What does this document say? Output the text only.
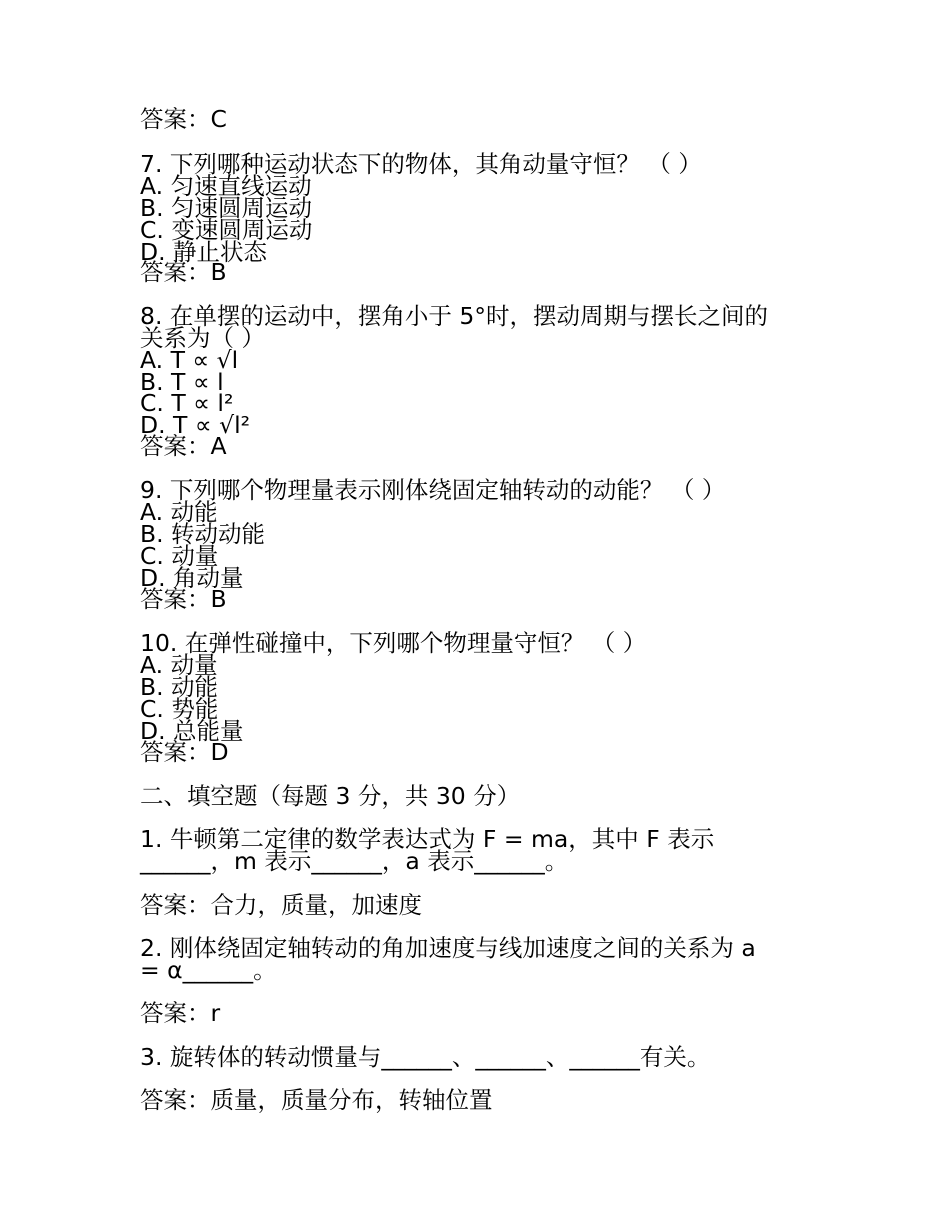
答案：C
7. 下列哪种运动状态下的物体，其角动量守恒？ （ ）
A. 匀速直线运动
B. 匀速圆周运动
C. 变速圆周运动
D. 静止状态
答案：B
8. 在单摆的运动中，摆角小于 5°时，摆动周期与摆长之间的
关系为（ ）
A. T ∝ √l
B. T ∝ l
C. T ∝ l²
D. T ∝ √l²
答案：A
9. 下列哪个物理量表示刚体绕固定轴转动的动能？ （ ）
A. 动能
B. 转动动能
C. 动量
D. 角动量
答案：B
10. 在弹性碰撞中，下列哪个物理量守恒？ （ ）
A. 动量
B. 动能
C. 势能
D. 总能量
答案：D
二、填空题（每题 3 分，共 30 分）
1. 牛顿第二定律的数学表达式为 F = ma，其中 F 表示
______，m 表示______，a 表示______。
答案：合力，质量，加速度
2. 刚体绕固定轴转动的角加速度与线加速度之间的关系为 a
= α______。
答案：r
3. 旋转体的转动惯量与______、______、______有关。
答案：质量，质量分布，转轴位置
